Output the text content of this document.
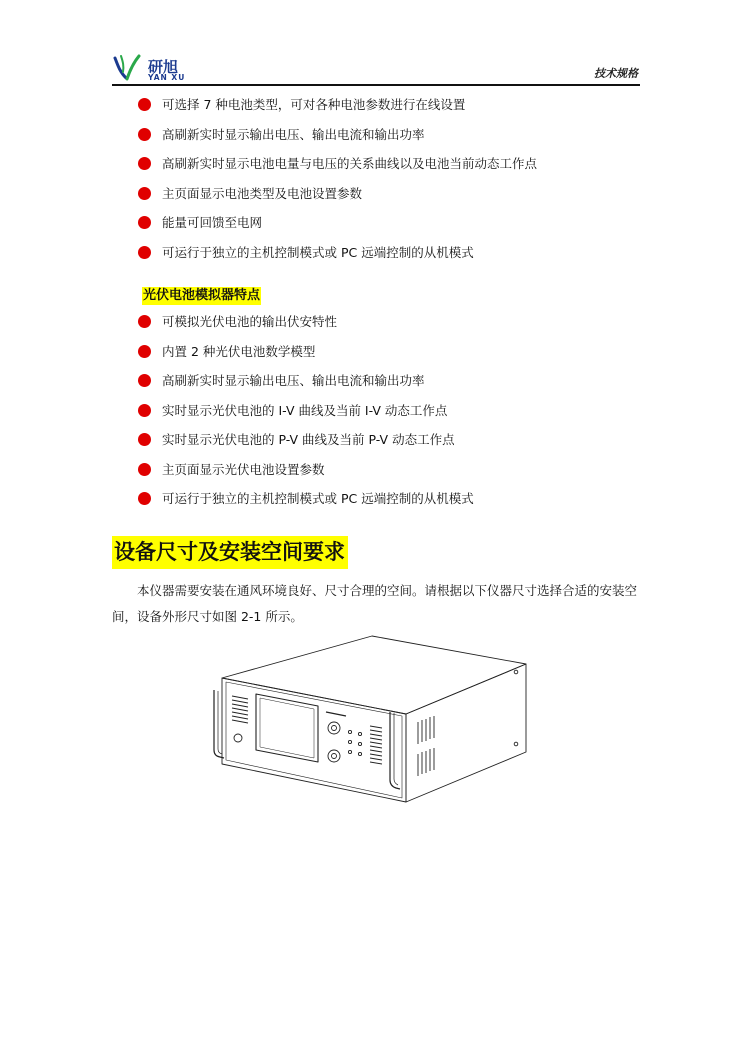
研旭
YAN XU	技术规格
可选择 7 种电池类型，可对各种电池参数进行在线设置
高刷新实时显示输出电压、输出电流和输出功率
高刷新实时显示电池电量与电压的关系曲线以及电池当前动态工作点
主页面显示电池类型及电池设置参数
能量可回馈至电网
可运行于独立的主机控制模式或 PC 远端控制的从机模式
光伏电池模拟器特点
可模拟光伏电池的输出伏安特性
内置 2 种光伏电池数学模型
高刷新实时显示输出电压、输出电流和输出功率
实时显示光伏电池的 I-V 曲线及当前 I-V 动态工作点
实时显示光伏电池的 P-V 曲线及当前 P-V 动态工作点
主页面显示光伏电池设置参数
可运行于独立的主机控制模式或 PC 远端控制的从机模式
设备尺寸及安装空间要求
本仪器需要安装在通风环境良好、尺寸合理的空间。请根据以下仪器尺寸选择合适的安装空间，设备外形尺寸如图 2-1 所示。
